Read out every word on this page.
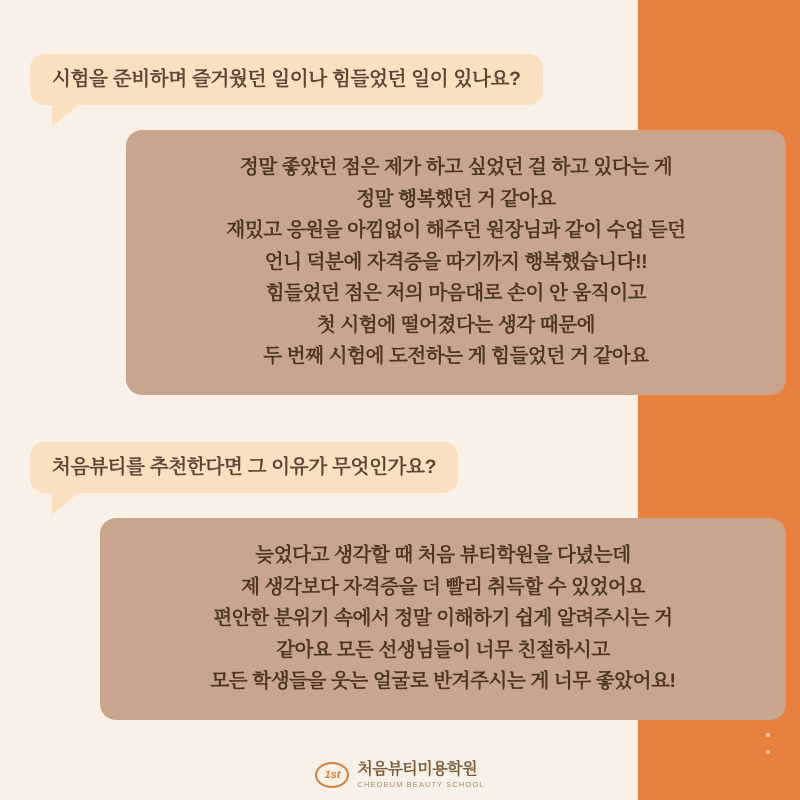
시험을 준비하며 즐거웠던 일이나 힘들었던 일이 있나요?
정말 좋았던 점은 제가 하고 싶었던 걸 하고 있다는 게
정말 행복했던 거 같아요
재밌고 응원을 아낌없이 해주던 원장님과 같이 수업 듣던
언니 덕분에 자격증을 따기까지 행복했습니다!!
힘들었던 점은 저의 마음대로 손이 안 움직이고
첫 시험에 떨어졌다는 생각 때문에
두 번째 시험에 도전하는 게 힘들었던 거 같아요
처음뷰티를 추천한다면 그 이유가 무엇인가요?
늦었다고 생각할 때 처음 뷰티학원을 다녔는데
제 생각보다 자격증을 더 빨리 취득할 수 있었어요
편안한 분위기 속에서 정말 이해하기 쉽게 알려주시는 거
같아요 모든 선생님들이 너무 친절하시고
모든 학생들을 웃는 얼굴로 반겨주시는 게 너무 좋았어요!
1st 처음뷰티미용학원
CHEOEUM BEAUTY SCHOOL
